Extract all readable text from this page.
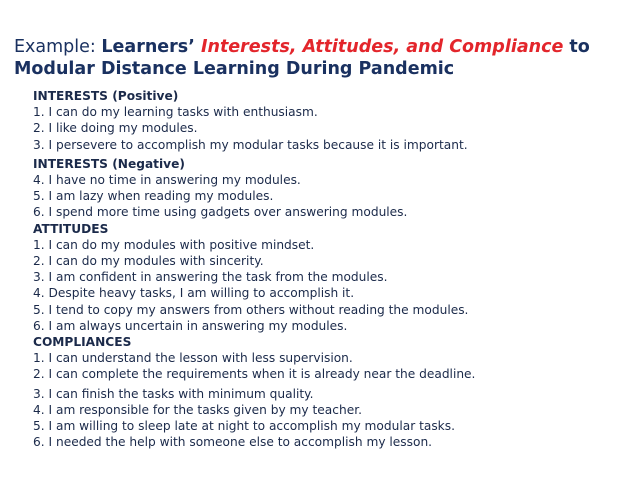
Example: Learners’ Interests, Attitudes, and Compliance to Modular Distance Learning During Pandemic
INTERESTS (Positive)
1. I can do my learning tasks with enthusiasm.
2. I like doing my modules.
3. I persevere to accomplish my modular tasks because it is important.
INTERESTS (Negative)
4. I have no time in answering my modules.
5. I am lazy when reading my modules.
6. I spend more time using gadgets over answering modules.
ATTITUDES
1. I can do my modules with positive mindset.
2. I can do my modules with sincerity.
3. I am confident in answering the task from the modules.
4. Despite heavy tasks, I am willing to accomplish it.
5. I tend to copy my answers from others without reading the modules.
6. I am always uncertain in answering my modules.
COMPLIANCES
1. I can understand the lesson with less supervision.
2. I can complete the requirements when it is already near the deadline.
3. I can finish the tasks with minimum quality.
4. I am responsible for the tasks given by my teacher.
5. I am willing to sleep late at night to accomplish my modular tasks.
6. I needed the help with someone else to accomplish my lesson.
